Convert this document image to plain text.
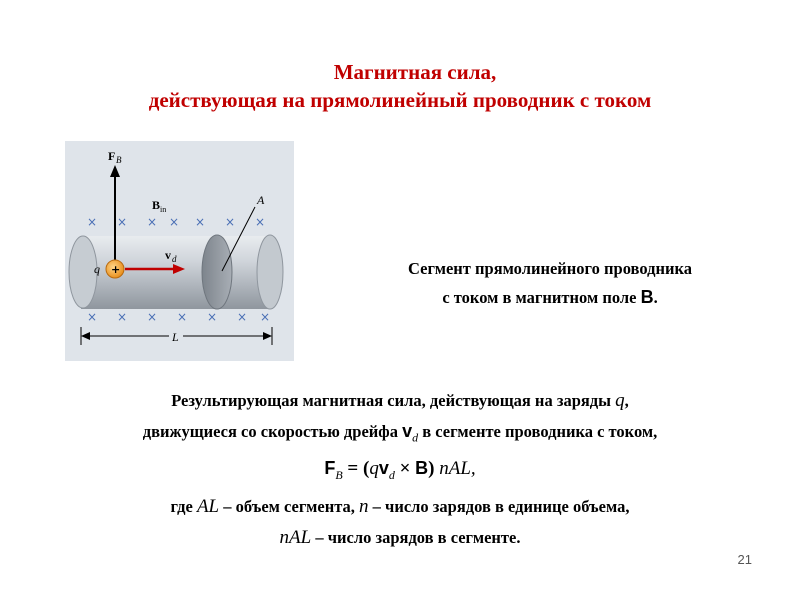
Магнитная сила,
действующая на прямолинейный проводник с током
× × × × × × ×
× × × × × × ×
F B
B in
A
v d
+
q
L
Сегмент прямолинейного проводника
с током в магнитном поле B.
Результирующая магнитная сила, действующая на заряды q,
движущиеся со скоростью дрейфа $v_d$ в сегменте проводника с током,
$F_B = (qv_d \times B)$ nAL,
где AL – объем сегмента, n – число зарядов в единице объема,
nAL – число зарядов в сегменте.
21
